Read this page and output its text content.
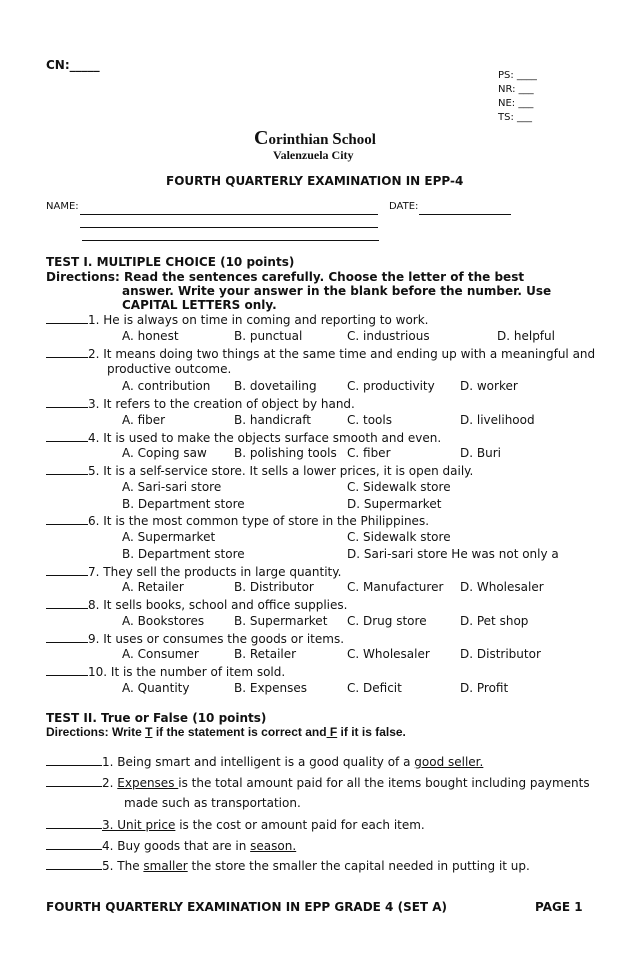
CN:_____
PS: ____
NR: ___
NE: ___
TS: ___
Corinthian School
Valenzuela City
FOURTH QUARTERLY EXAMINATION IN EPP-4
NAME:	DATE:
TEST I. MULTIPLE CHOICE (10 points)
Directions: Read the sentences carefully. Choose the letter of the best
answer. Write your answer in the blank before the number. Use
CAPITAL LETTERS only.
1. He is always on time in coming and reporting to work.
A. honest	B. punctual	C. industrious	D. helpful
2. It means doing two things at the same time and ending up with a meaningful and
productive outcome.
A. contribution B. dovetailing	C. productivity D. worker
3. It refers to the creation of object by hand.
A. fiber	B. handicraft	C. tools	D. livelihood
4. It is used to make the objects surface smooth and even.
A. Coping saw B. polishing tools C. fiber	D. Buri
5. It is a self-service store. It sells a lower prices, it is open daily.
A. Sari-sari store	C. Sidewalk store
B. Department store	D. Supermarket
6. It is the most common type of store in the Philippines.
A. Supermarket	C. Sidewalk store
B. Department store	D. Sari-sari store He was not only a
7. They sell the products in large quantity.
A. Retailer	B. Distributor	C. Manufacturer D. Wholesaler
8. It sells books, school and office supplies.
A. Bookstores B. Supermarket C. Drug store	D. Pet shop
9. It uses or consumes the goods or items.
A. Consumer	B. Retailer	C. Wholesaler	D. Distributor
10. It is the number of item sold.
A. Quantity	B. Expenses	C. Deficit	D. Profit
TEST II. True or False (10 points)
Directions: Write T if the statement is correct and F if it is false.
1. Being smart and intelligent is a good quality of a good seller.
2. Expenses is the total amount paid for all the items bought including payments
made such as transportation.
3. Unit price is the cost or amount paid for each item.
4. Buy goods that are in season.
5. The smaller the store the smaller the capital needed in putting it up.
FOURTH QUARTERLY EXAMINATION IN EPP GRADE 4 (SET A)	PAGE 1
